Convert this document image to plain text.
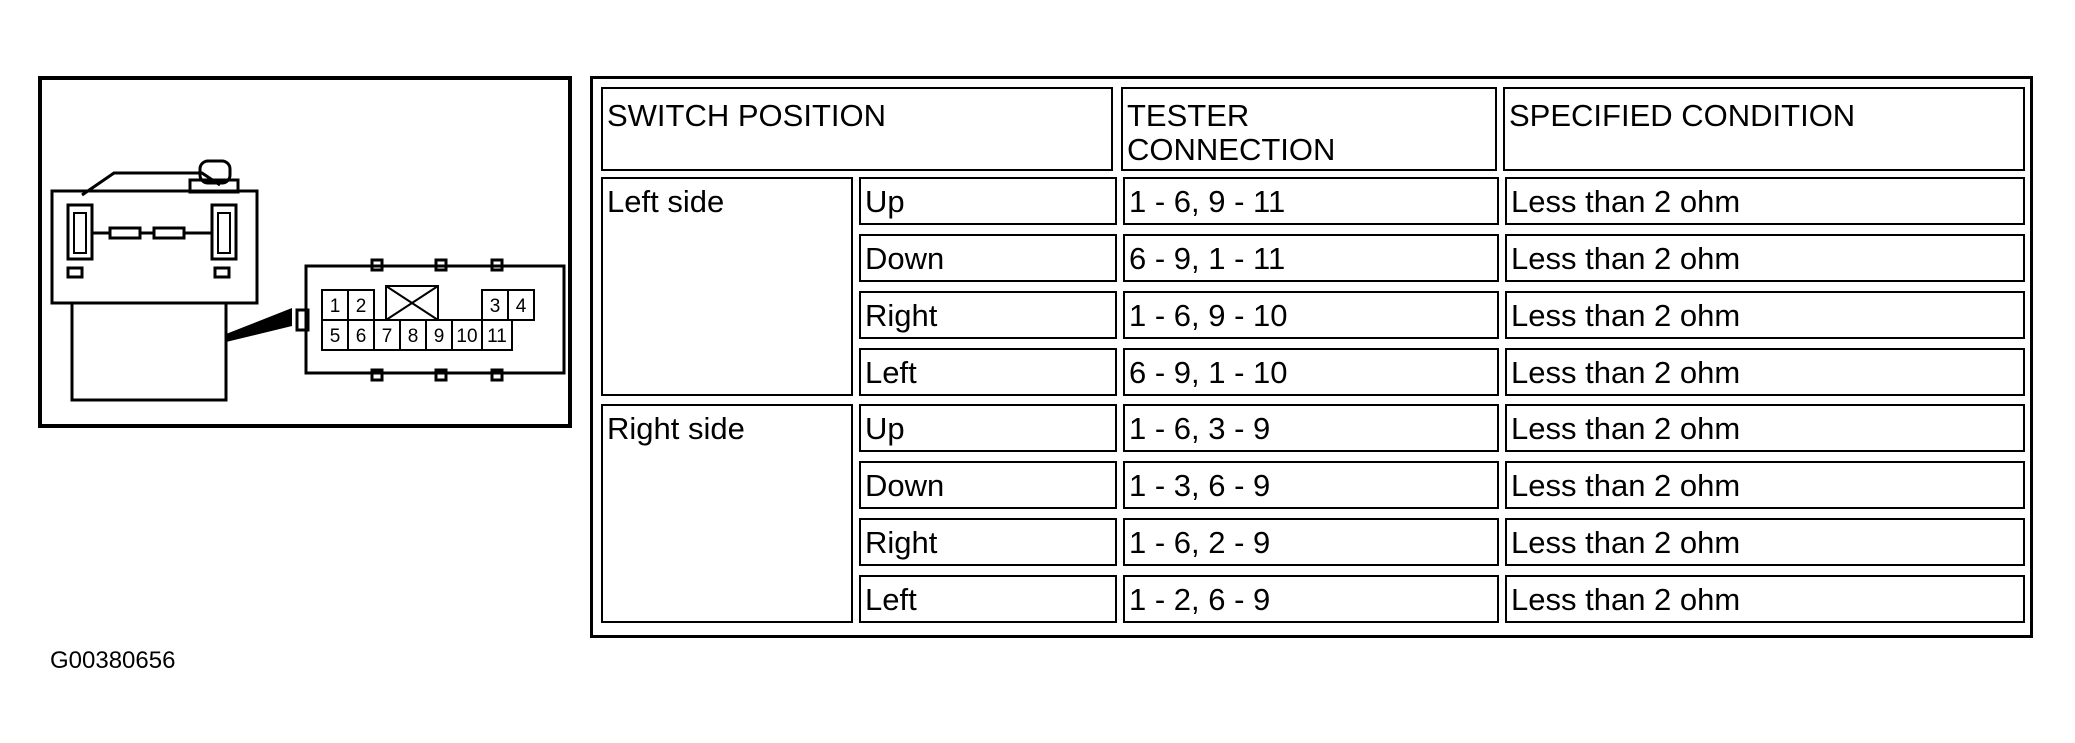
1 2	3 4
5 6 7 8 9 10 11
SWITCH POSITION	TESTER
CONNECTION
SPECIFIED CONDITION
Left side	Up	1 - 6, 9 - 11	Less than 2 ohm
Down	6 - 9, 1 - 11	Less than 2 ohm
Right	1 - 6, 9 - 10	Less than 2 ohm
Left	6 - 9, 1 - 10	Less than 2 ohm
Right side	Up	1 - 6, 3 - 9	Less than 2 ohm
Down	1 - 3, 6 - 9	Less than 2 ohm
Right	1 - 6, 2 - 9	Less than 2 ohm
Left	1 - 2, 6 - 9	Less than 2 ohm
G00380656
